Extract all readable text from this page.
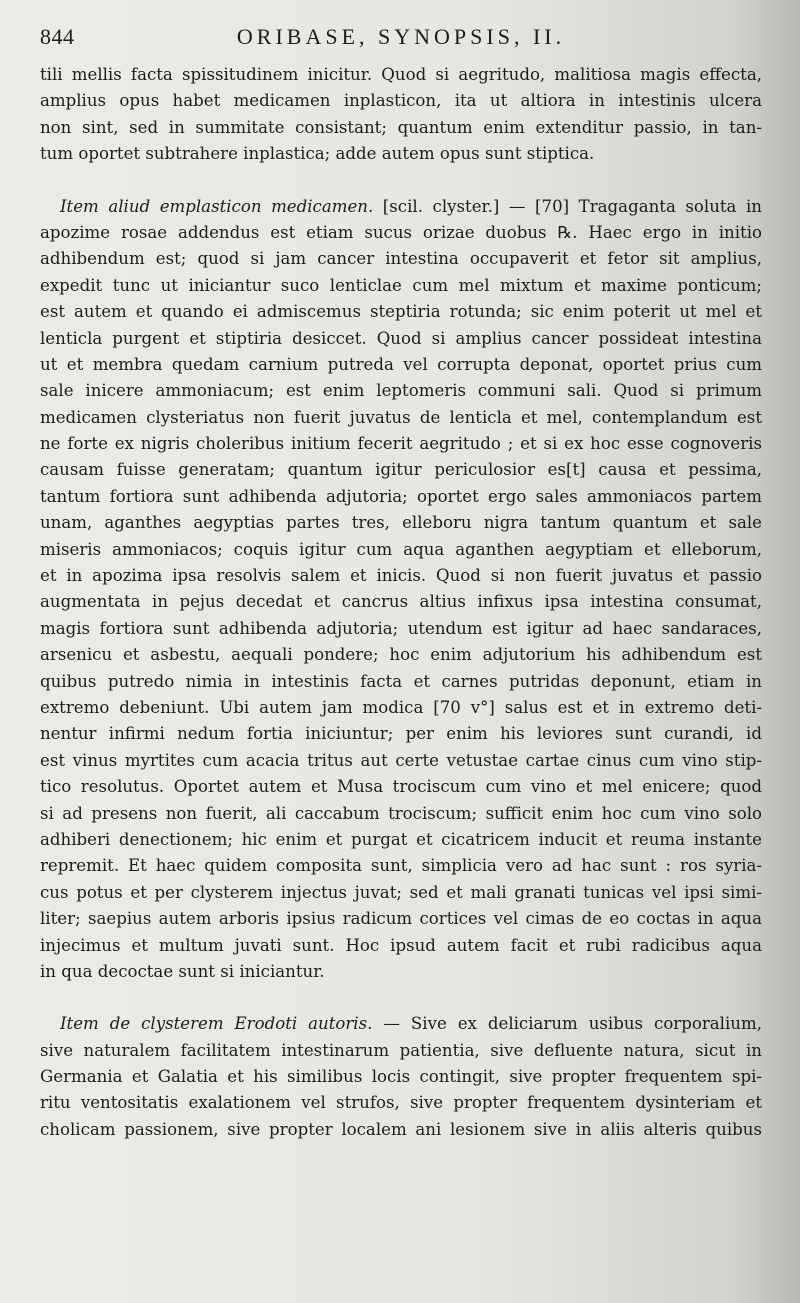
844	ORIBASE, SYNOPSIS, II.
tili mellis facta spissitudinem inicitur. Quod si aegritudo, malitiosa magis effecta,
amplius opus habet medicamen inplasticon, ita ut altiora in intestinis ulcera
non sint, sed in summitate consistant; quantum enim extenditur passio, in tan-
tum oportet subtrahere inplastica; adde autem opus sunt stiptica.
Item aliud emplasticon medicamen. [scil. clyster.] — [70] Tragaganta soluta in
apozime rosae addendus est etiam sucus orizae duobus ℞. Haec ergo in initio
adhibendum est; quod si jam cancer intestina occupaverit et fetor sit amplius,
expedit tunc ut iniciantur suco lenticlae cum mel mixtum et maxime ponticum;
est autem et quando ei admiscemus steptiria rotunda; sic enim poterit ut mel et
lenticla purgent et stiptiria desiccet. Quod si amplius cancer possideat intestina
ut et membra quedam carnium putreda vel corrupta deponat, oportet prius cum
sale inicere ammoniacum; est enim leptomeris communi sali. Quod si primum
medicamen clysteriatus non fuerit juvatus de lenticla et mel, contemplandum est
ne forte ex nigris choleribus initium fecerit aegritudo ; et si ex hoc esse cognoveris
causam fuisse generatam; quantum igitur periculosior es[t] causa et pessima,
tantum fortiora sunt adhibenda adjutoria; oportet ergo sales ammoniacos partem
unam, aganthes aegyptias partes tres, elleboru nigra tantum quantum et sale
miseris ammoniacos; coquis igitur cum aqua aganthen aegyptiam et elleborum,
et in apozima ipsa resolvis salem et inicis. Quod si non fuerit juvatus et passio
augmentata in pejus decedat et cancrus altius infixus ipsa intestina consumat,
magis fortiora sunt adhibenda adjutoria; utendum est igitur ad haec sandaraces,
arsenicu et asbestu, aequali pondere; hoc enim adjutorium his adhibendum est
quibus putredo nimia in intestinis facta et carnes putridas deponunt, etiam in
extremo debeniunt. Ubi autem jam modica [70 v°] salus est et in extremo deti-
nentur infirmi nedum fortia iniciuntur; per enim his leviores sunt curandi, id
est vinus myrtites cum acacia tritus aut certe vetustae cartae cinus cum vino stip-
tico resolutus. Oportet autem et Musa trociscum cum vino et mel enicere; quod
si ad presens non fuerit, ali caccabum trociscum; sufficit enim hoc cum vino solo
adhiberi denectionem; hic enim et purgat et cicatricem inducit et reuma instante
repremit. Et haec quidem composita sunt, simplicia vero ad hac sunt : ros syria-
cus potus et per clysterem injectus juvat; sed et mali granati tunicas vel ipsi simi-
liter; saepius autem arboris ipsius radicum cortices vel cimas de eo coctas in aqua
injecimus et multum juvati sunt. Hoc ipsud autem facit et rubi radicibus aqua
in qua decoctae sunt si iniciantur.
Item de clysterem Erodoti autoris. — Sive ex deliciarum usibus corporalium,
sive naturalem facilitatem intestinarum patientia, sive defluente natura, sicut in
Germania et Galatia et his similibus locis contingit, sive propter frequentem spi-
ritu ventositatis exalationem vel strufos, sive propter frequentem dysinteriam et
cholicam passionem, sive propter localem ani lesionem sive in aliis alteris quibus
